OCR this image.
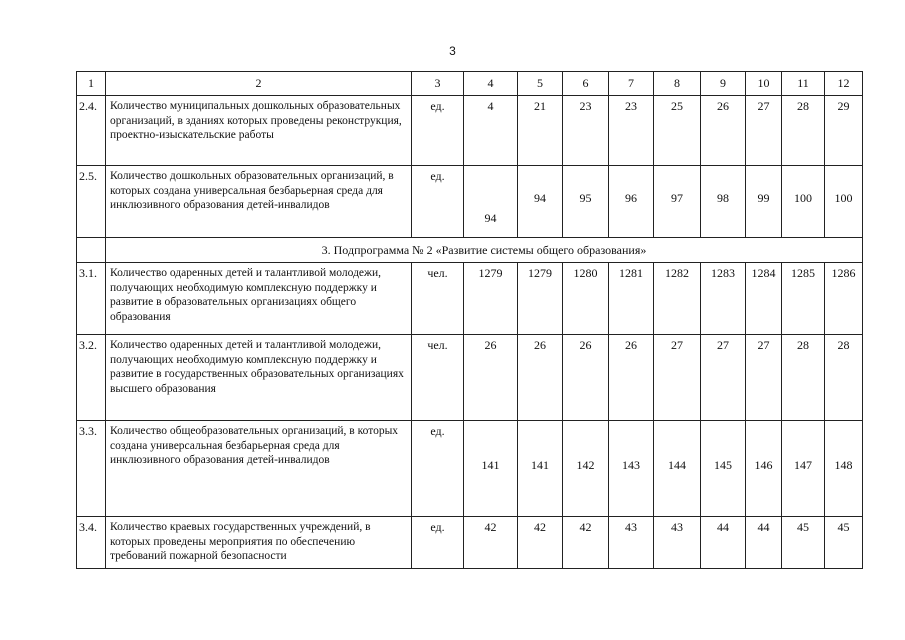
3
1	2	3	4	5	6	7	8	9	10	11	12
2.4.	Количество муниципальных дошкольных образовательных организаций, в зданиях которых проведены реконструкция, проектно-изыскательские работы	ед.	4	21	23	23	25	26	27	28	29
2.5.	Количество дошкольных образовательных организаций, в которых создана универсальная безбарьерная среда для инклюзивного образования детей-инвалидов	ед.	94	94	95	96	97	98	99	100	100
	3. Подпрограмма № 2 «Развитие системы общего образования»										
3.1.	Количество одаренных детей и талантливой молодежи, получающих необходимую комплексную поддержку и развитие в образовательных организациях общего образования	чел.	1279	1279	1280	1281	1282	1283	1284	1285	1286
3.2.	Количество одаренных детей и талантливой молодежи, получающих необходимую комплексную поддержку и развитие в государственных образовательных организациях высшего образования	чел.	26	26	26	26	27	27	27	28	28
3.3.	Количество общеобразовательных организаций, в которых создана универсальная безбарьерная среда для инклюзивного образования детей-инвалидов	ед.	141	141	142	143	144	145	146	147	148
3.4.	Количество краевых государственных учреждений, в которых проведены мероприятия по обеспечению требований пожарной безопасности	ед.	42	42	42	43	43	44	44	45	45
